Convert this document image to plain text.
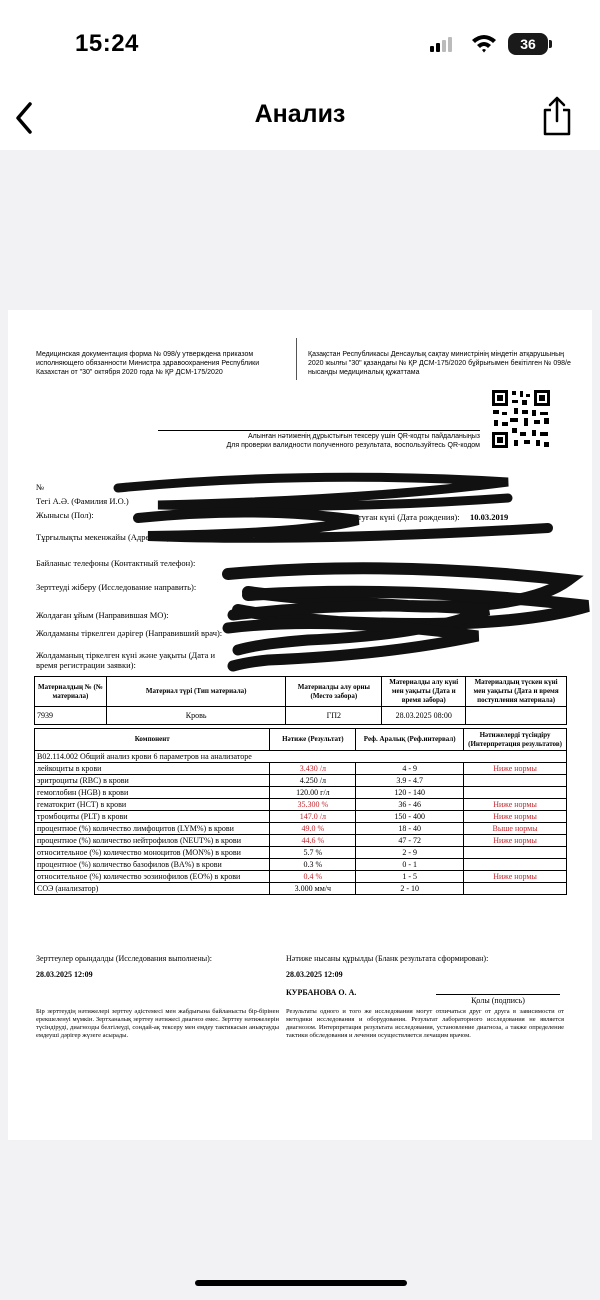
15:24	36
Анализ
Медицинская документация форма № 098/у утверждена приказом исполняющего обязанности Министра здравоохранения Республики Казахстан от "30" октября 2020 года № ҚР ДСМ-175/2020
Қазақстан Республикасы Денсаулық сақтау министрінің міндетін атқарушының 2020 жылғы "30" қазандағы № ҚР ДСМ-175/2020 бұйрығымен бекітілген № 098/е нысанды медициналық құжаттама
Алынған нәтиженің дұрыстығын тексеру үшін QR-кодты пайдаланыңыз
Для проверки валидности полученного результата, воспользуйтесь QR-кодом
№
Тегі А.Ә. (Фамилия И.О.)
Жынысы (Пол):	туған күні (Дата рождения): 10.03.2019
Тұрғылықты мекенжайы (Адрес пациента):
Байланыс телефоны (Контактный телефон):
Зерттеуді жіберу (Исследование направить):
Жолдаған ұйым (Направившая МО):
Жолдаманы тіркелген дәрігер (Направивший врач):
Жолдаманың тіркелген күні және уақыты (Дата и время регистрации заявки):
Материалдың № (№ материала)	Материал түрі (Тип материала)	Материалды алу орны (Место забора)	Материалды алу күні мен уақыты (Дата и время забора)	Материалдың түскен күні мен уақыты (Дата и время поступления материала)
7939	Кровь	ГП2	28.03.2025 08:00	
Компонент	Нәтиже (Результат)	Реф. Аралық (Реф.интервал)	Нәтижелерді түсіндіру (Интерпретация результатов)
B02.114.002 Общий анализ крови 6 параметров на анализаторе			
лейкоциты в крови	3.430 /л	4 - 9	Ниже нормы
эритроциты (RBC) в крови	4.250 /л	3.9 - 4.7	
гемоглобин (HGB) в крови	120.00 г/л	120 - 140	
гематокрит (HCT) в крови	35.300 %	36 - 46	Ниже нормы
тромбоциты (PLT) в крови	147.0 /л	150 - 400	Ниже нормы
процентное (%) количество лимфоцитов (LYM%) в крови	49.0 %	18 - 40	Выше нормы
процентное (%) количество нейтрофилов (NEUT%) в крови	44.6 %	47 - 72	Ниже нормы
относительное (%) количество моноцитов (MON%) в крови	5.7 %	2 - 9	
процентное (%) количество базофилов (BA%) в крови	0.3 %	0 - 1	
относительное (%) количество эозинофилов (EO%) в крови	0.4 %	1 - 5	Ниже нормы
СОЭ (анализатор)	3.000 мм/ч	2 - 10	
Зерттеулер орындалды (Исследования выполнены):
28.03.2025 12:09
Нәтиже нысаны құрылды (Бланк результата сформирован):
28.03.2025 12:09
КУРБАНОВА О. А.
Қолы (подпись)
Бір зерттеудің нәтижелері зерттеу әдістемесі мен жабдығына байланысты бір-бірінен ерекшеленуі мүмкін. Зертханалық зерттеу нәтижесі диагноз емес. Зерттеу нәтижелерін түсіндіруді, диагнозды белгілеуді, сондай-ақ тексеру мен емдеу тактикасын анықтауды емдеуші дәрігер жүзеге асырады.
Результаты одного и того же исследования могут отличаться друг от друга в зависимости от методики исследования и оборудования. Результат лабораторного исследования не является диагнозом. Интерпретация результата исследования, установление диагноза, а также определение тактики обследования и лечения осуществляется лечащим врачом.
